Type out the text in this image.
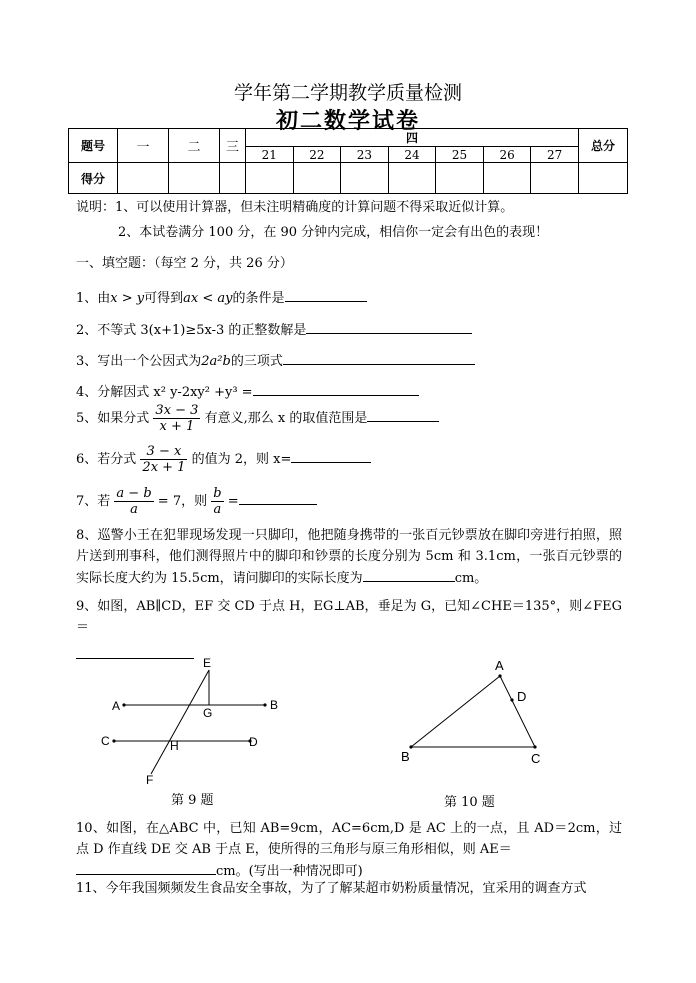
学年第二学期教学质量检测
初二数学试卷
题号	一	二	三	四							总分
				21	22	23	24	25	26	27	
得分											
说明：1、可以使用计算器，但未注明精确度的计算问题不得采取近似计算。
2、本试卷满分 100 分，在 90 分钟内完成，相信你一定会有出色的表现！
一、填空题：（每空 2 分，共 26 分）
1、由x > y可得到ax < ay的条件是
2、不等式 3(x+1)≥5x-3 的正整数解是
3、写出一个公因式为2a²b的三项式
4、分解因式 x² y-2xy² +y³ =
5、如果分式 $\frac{3x - 3}{x + 1}$ 有意义,那么 x 的取值范围是
6、若分式 $\frac{3 - x}{2x + 1}$ 的值为 2，则 x=
7、若 $\frac{a - b}{a} = 7$，则 $\frac{b}{a}$ =
8、巡警小王在犯罪现场发现一只脚印，他把随身携带的一张百元钞票放在脚印旁进行拍照，照片送到刑事科，他们测得照片中的脚印和钞票的长度分别为 5cm 和 3.1cm，一张百元钞票的实际长度大约为 15.5cm，请问脚印的实际长度为	cm。
9、如图，AB∥CD，EF 交 CD 于点 H，EG⊥AB，垂足为 G，已知∠CHE＝135°，则∠FEG＝

E
A	B
G
C	H	D
F
第 9 题
A
D
B	C
第 10 题
10、如图，在△ABC 中，已知 AB=9cm，AC=6cm,D 是 AC 上的一点，且 AD＝2cm，过点 D 作直线 DE 交 AB 于点 E，使所得的三角形与原三角形相似，则 AE＝
cm。(写出一种情况即可)
11、今年我国频频发生食品安全事故，为了了解某超市奶粉质量情况，宜采用的调查方式
